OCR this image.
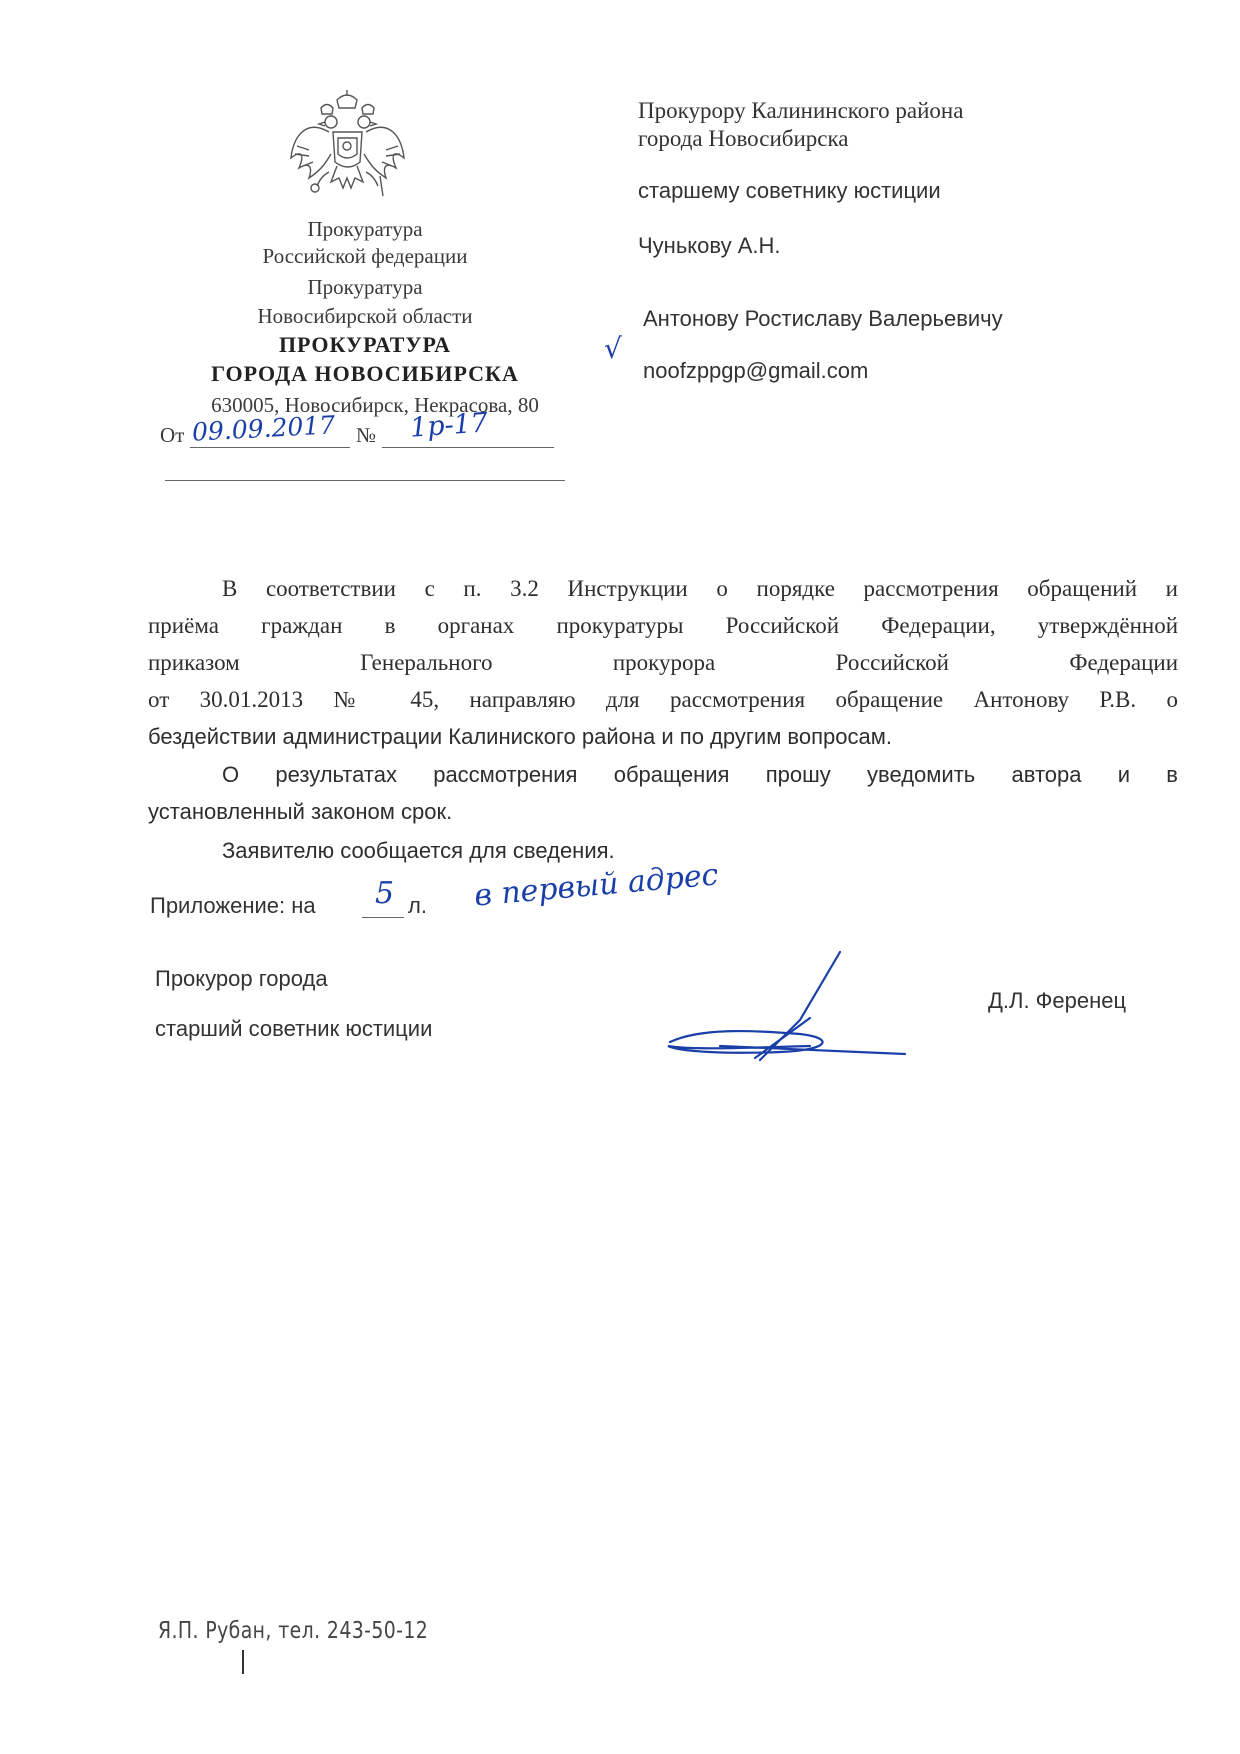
Прокуратура
Российской федерации
Прокуратура
Новосибирской области
ПРОКУРАТУРА
ГОРОДА НОВОСИБИРСКА
630005, Новосибирск, Некрасова, 80
От 09.09.2017 № 1р-17
Прокурору Калининского района
города Новосибирска
старшему советнику юстиции
Чунькову А.Н.
√
Антонову Ростиславу Валерьевичу
noofzppgp@gmail.com
В соответствии с п. 3.2 Инструкции о порядке рассмотрения обращений и
приёма граждан в органах прокуратуры Российской Федерации, утверждённой
приказом Генерального прокурора Российской Федерации
от 30.01.2013 № 45, направляю для рассмотрения обращение Антонову Р.В. о
бездействии администрации Калиниского района и по другим вопросам.
О результатах рассмотрения обращения прошу уведомить автора и в
установленный законом срок.
Заявителю сообщается для сведения.
Приложение: на 5 л. в первый адрес
Прокурор города
старший советник юстиции
Д.Л. Ференец
Я.П. Рубан, тел. 243-50-12
